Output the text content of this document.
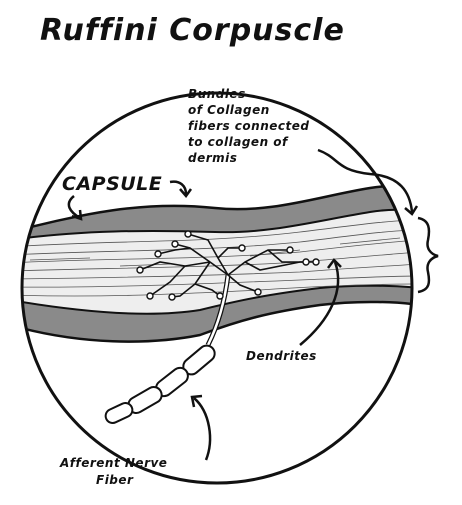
Ruffini Corpuscle
Bundles
of Collagen
fibers connected
to collagen of
dermis
CAPSULE
Dendrites
Afferent Nerve
Fiber
